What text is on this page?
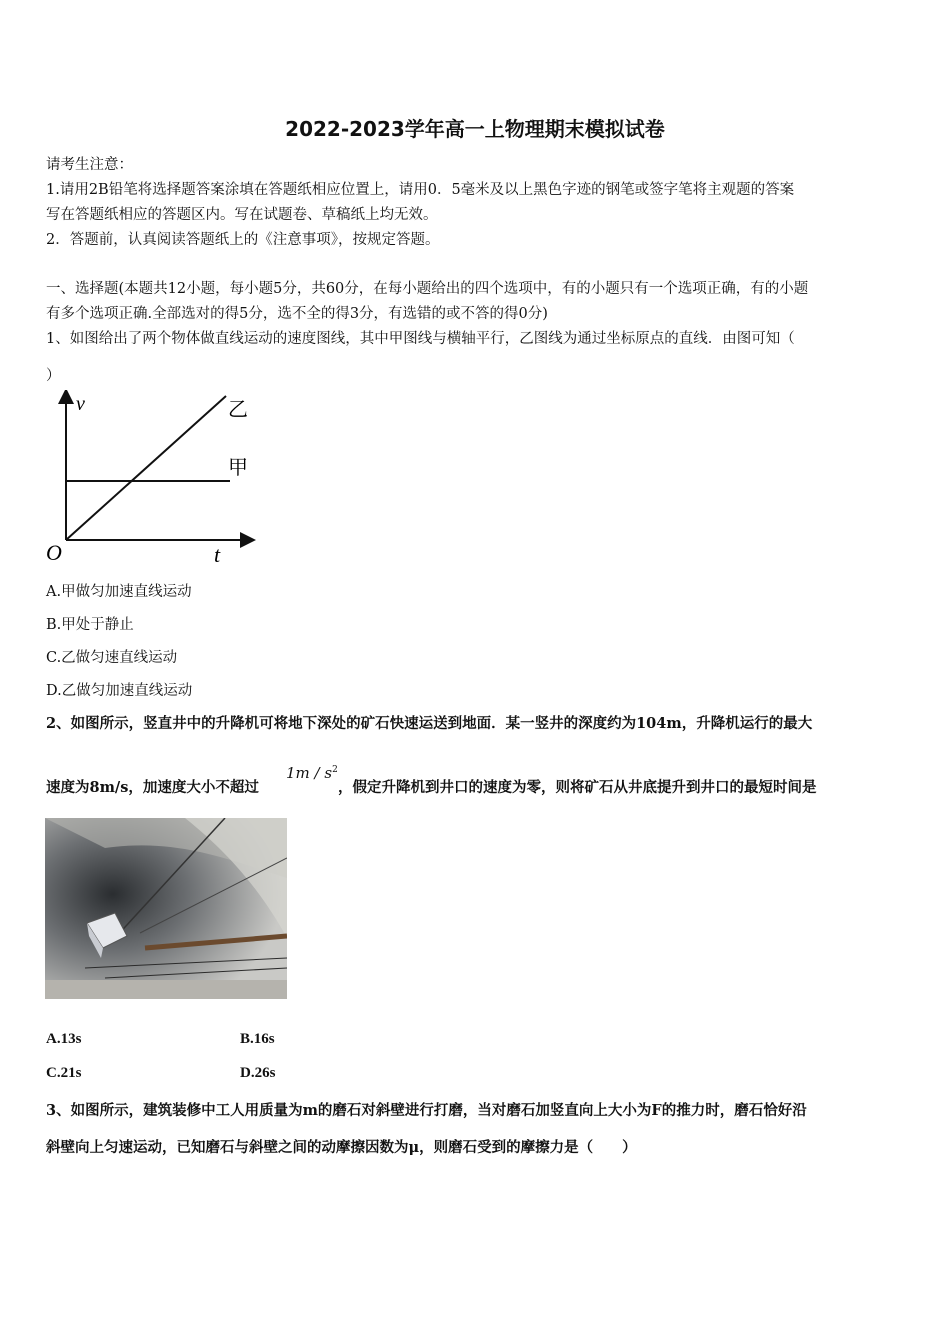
2022-2023学年高一上物理期末模拟试卷
请考生注意：
1.请用2B铅笔将选择题答案涂填在答题纸相应位置上，请用0．5毫米及以上黑色字迹的钢笔或签字笔将主观题的答案
写在答题纸相应的答题区内。写在试题卷、草稿纸上均无效。
2．答题前，认真阅读答题纸上的《注意事项》，按规定答题。
一、选择题(本题共12小题，每小题5分，共60分，在每小题给出的四个选项中，有的小题只有一个选项正确，有的小题
有多个选项正确.全部选对的得5分，选不全的得3分，有选错的或不答的得0分)
1、如图给出了两个物体做直线运动的速度图线，其中甲图线与横轴平行，乙图线为通过坐标原点的直线．由图可知（
）
v
t
O
甲
乙
A.甲做匀加速直线运动
B.甲处于静止
C.乙做匀速直线运动
D.乙做匀加速直线运动
2、如图所示，竖直井中的升降机可将地下深处的矿石快速运送到地面．某一竖井的深度约为104m，升降机运行的最大
速度为8m/s，加速度大小不超过
$1m / s^2$
，假定升降机到井口的速度为零，则将矿石从井底提升到井口的最短时间是
A.13s	B.16s
C.21s	D.26s
3、如图所示，建筑装修中工人用质量为m的磨石对斜壁进行打磨，当对磨石加竖直向上大小为F的推力时，磨石恰好沿
斜壁向上匀速运动，已知磨石与斜壁之间的动摩擦因数为μ，则磨石受到的摩擦力是（　　）
